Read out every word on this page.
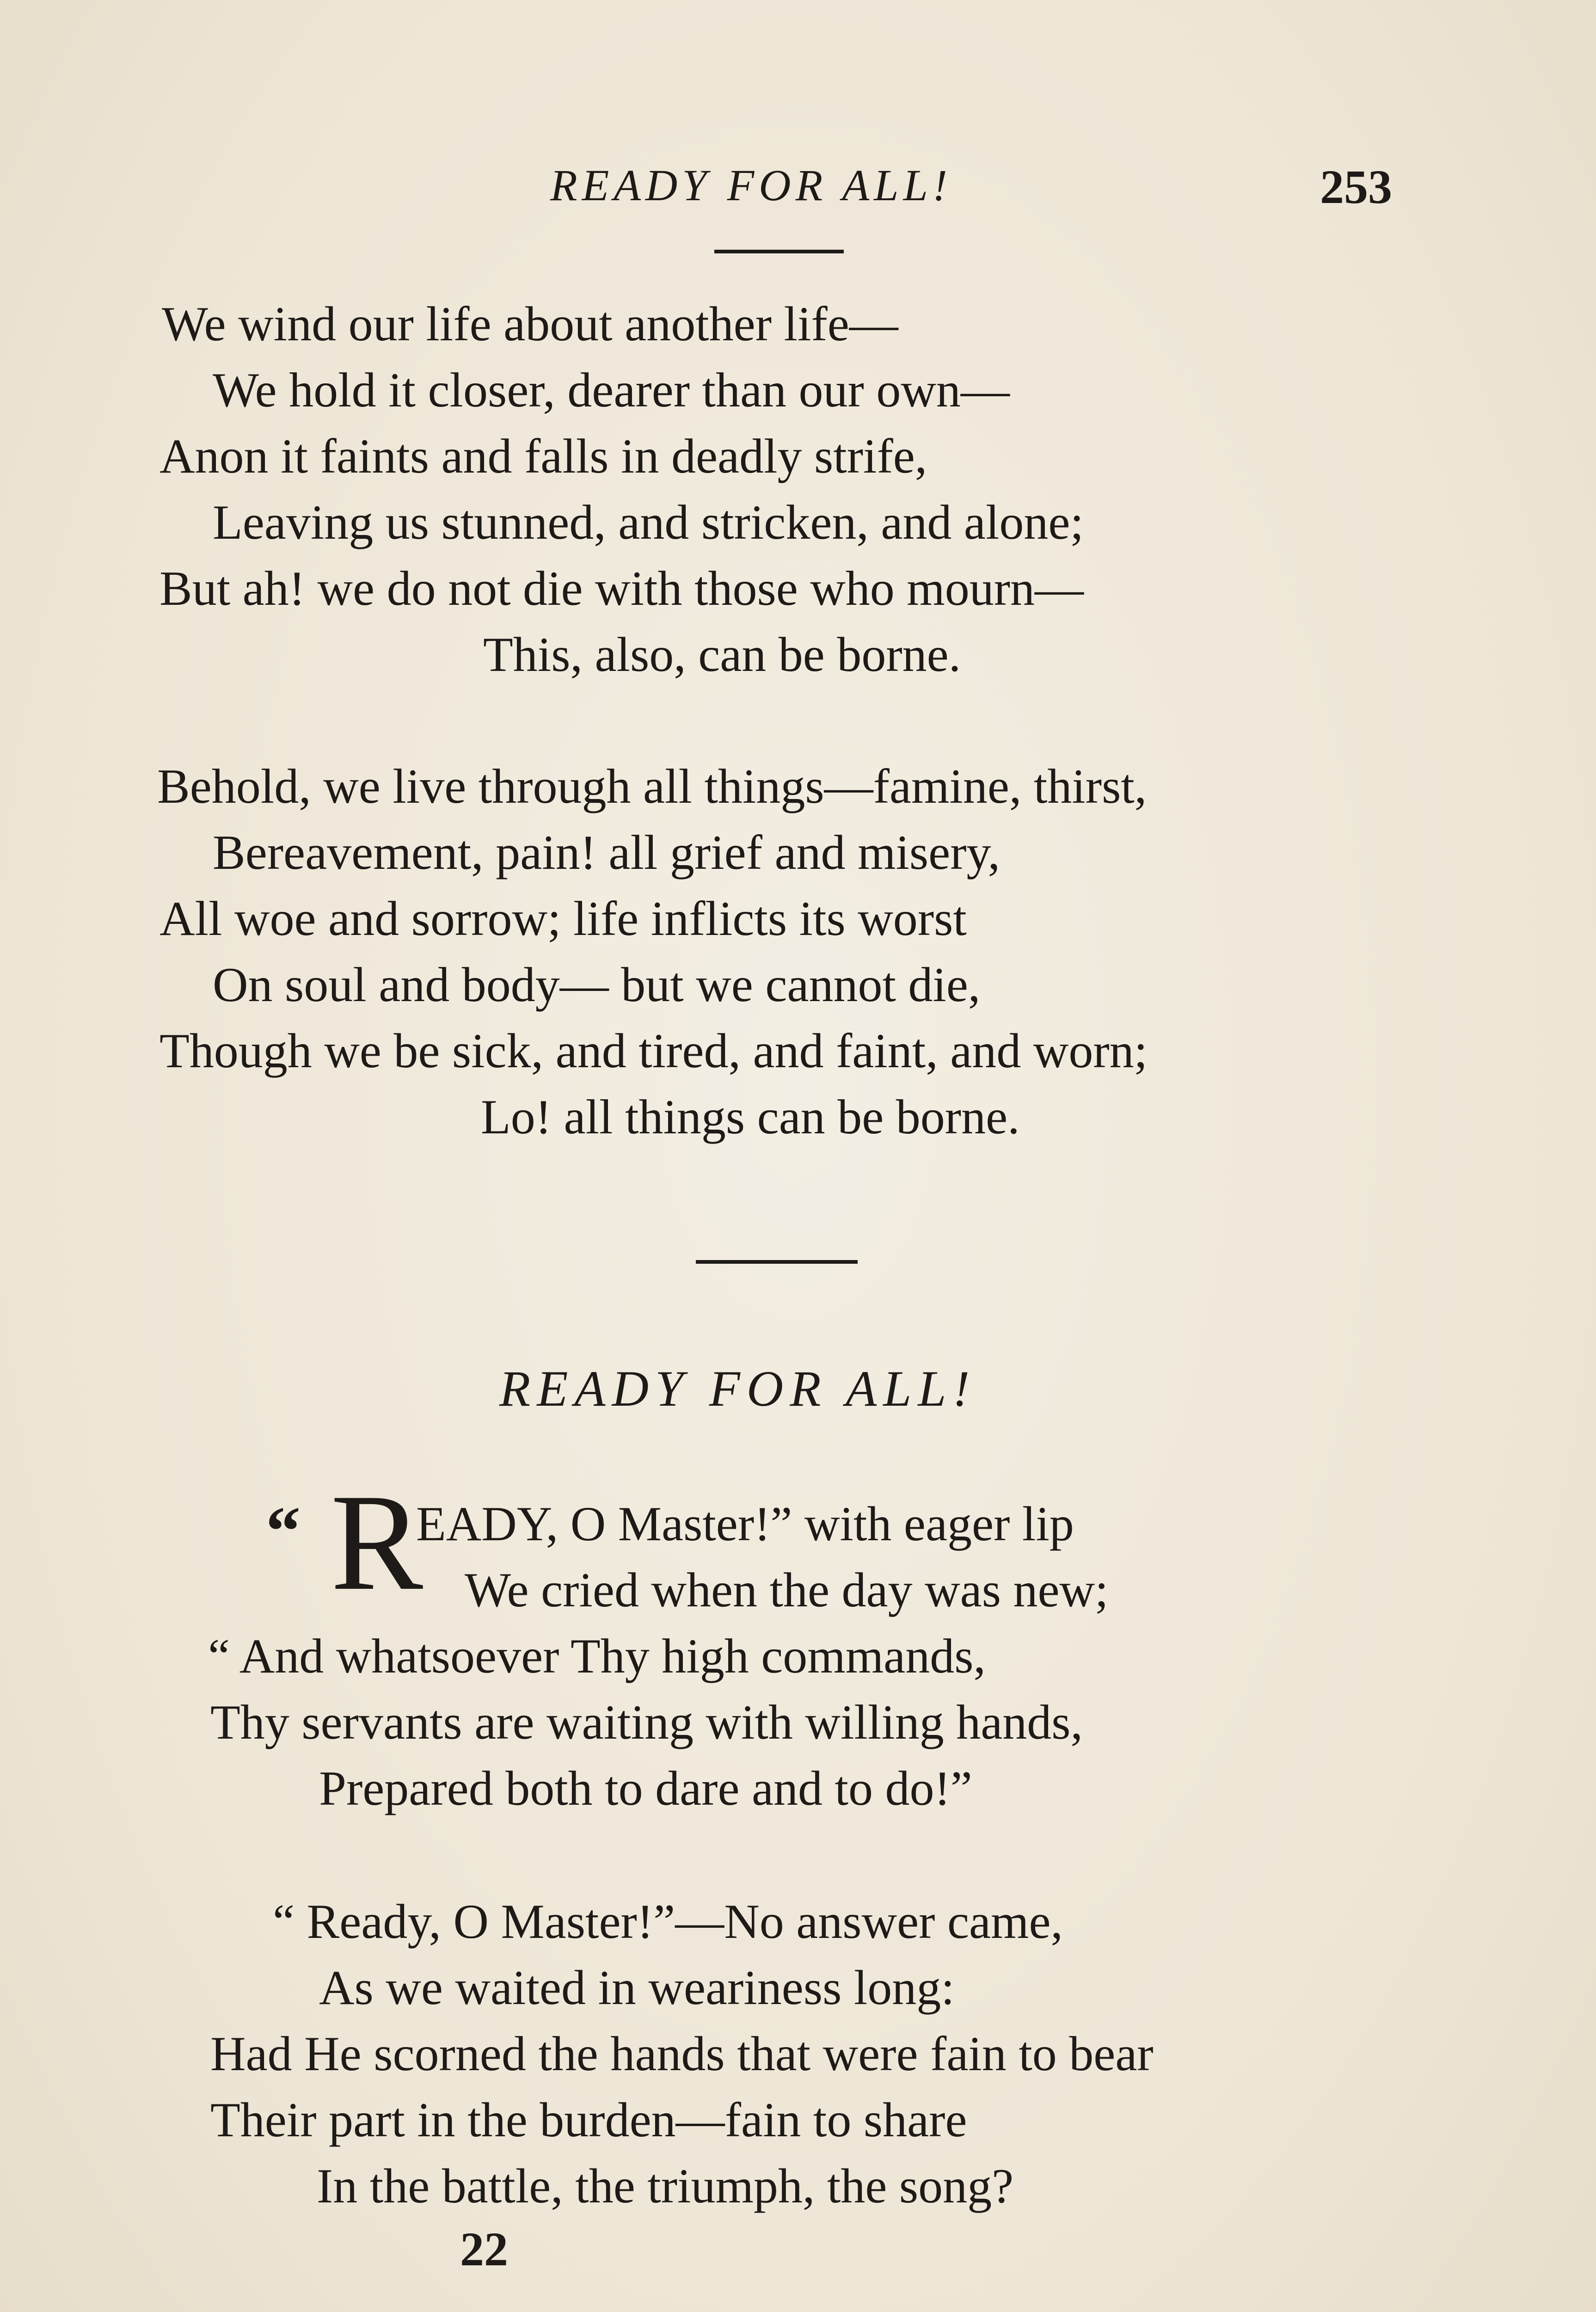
READY FOR ALL!	253
We wind our life about another life—
We hold it closer, dearer than our own—
Anon it faints and falls in deadly strife,
Leaving us stunned, and stricken, and alone;
But ah! we do not die with those who mourn—
This, also, can be borne.
Behold, we live through all things—famine, thirst,
Bereavement, pain! all grief and misery,
All woe and sorrow; life inflicts its worst
On soul and body— but we cannot die,
Though we be sick, and tired, and faint, and worn;
Lo! all things can be borne.
READY FOR ALL!
“ R
EADY, O Master!” with eager lip
We cried when the day was new;
“ And whatsoever Thy high commands,
Thy servants are waiting with willing hands,
Prepared both to dare and to do!”
“ Ready, O Master!”—No answer came,
As we waited in weariness long:
Had He scorned the hands that were fain to bear
Their part in the burden—fain to share
In the battle, the triumph, the song?
22
